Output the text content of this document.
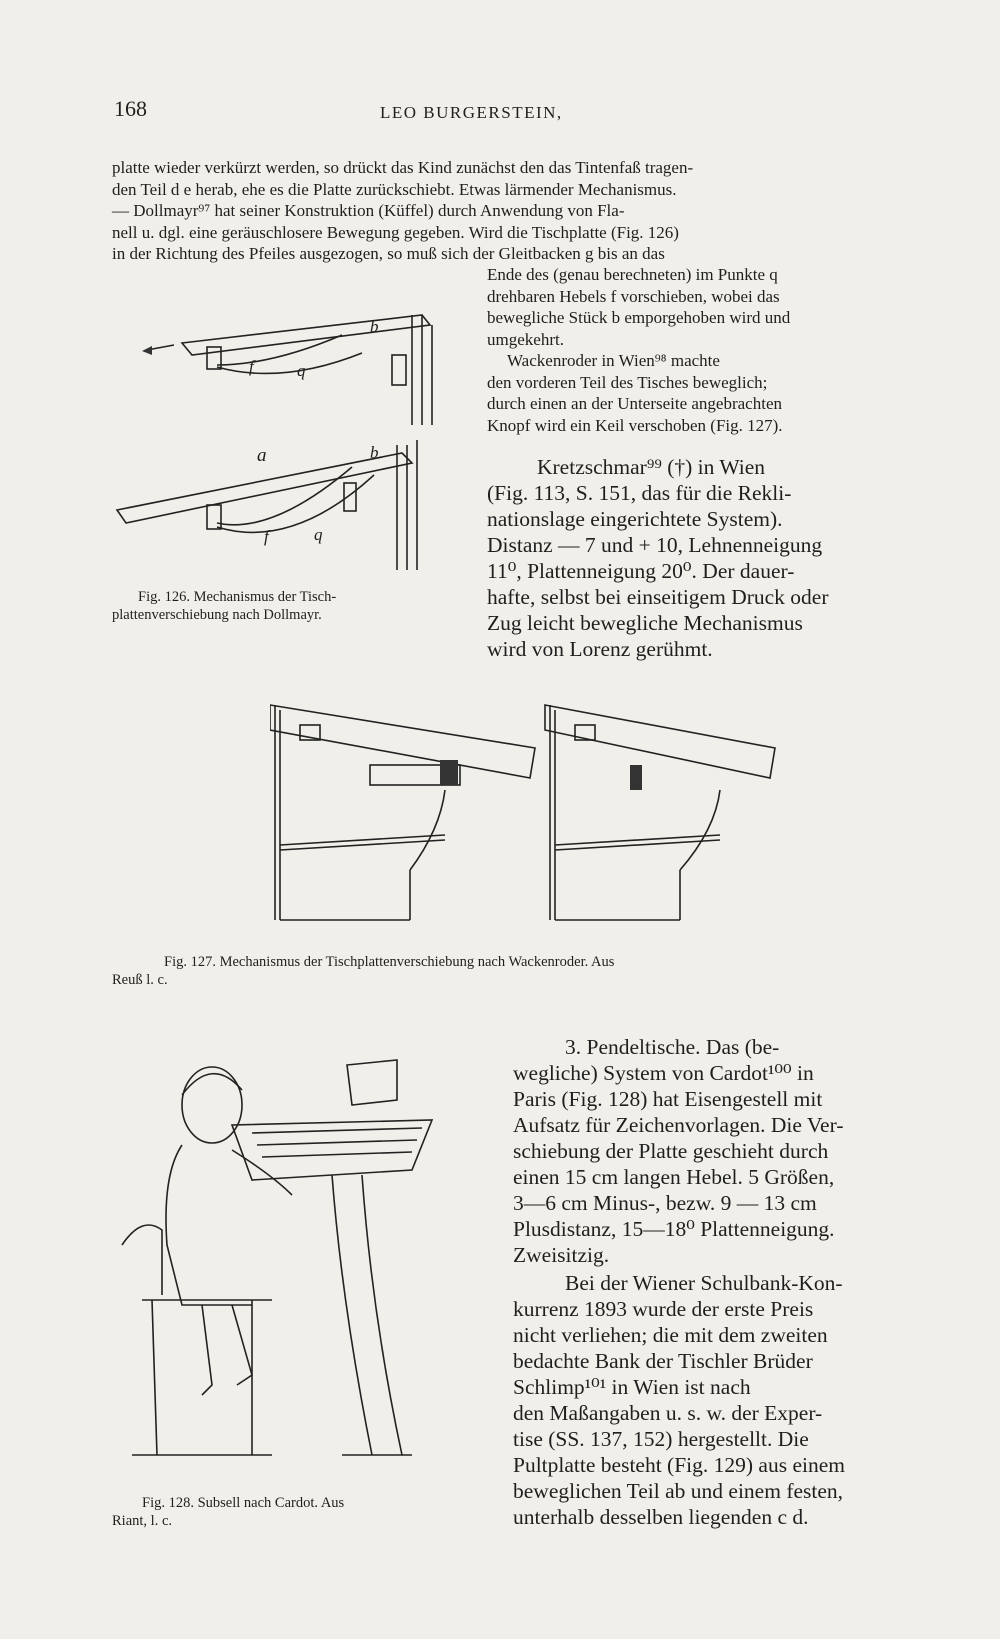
168	LEO BURGERSTEIN,
platte wieder verkürzt werden, so drückt das Kind zunächst den das Tintenfaß tragen-
den Teil d e herab, ehe es die Platte zurückschiebt. Etwas lärmender Mechanismus.
— Dollmayr⁹⁷ hat seiner Konstruktion (Küffel) durch Anwendung von Fla-
nell u. dgl. eine geräuschlosere Bewegung gegeben. Wird die Tischplatte (Fig. 126)
in der Richtung des Pfeiles ausgezogen, so muß sich der Gleitbacken g bis an das
Ende des (genau berechneten) im Punkte q
drehbaren Hebels f vorschieben, wobei das
bewegliche Stück b emporgehoben wird und
umgekehrt.
Wackenroder in Wien⁹⁸ machte
den vorderen Teil des Tisches beweglich;
durch einen an der Unterseite angebrachten
Knopf wird ein Keil verschoben (Fig. 127).
Kretzschmar⁹⁹ (†) in Wien
(Fig. 113, S. 151, das für die Rekli-
nationslage eingerichtete System).
Distanz — 7 und + 10, Lehnenneigung
11⁰, Plattenneigung 20⁰. Der dauer-
hafte, selbst bei einseitigem Druck oder
Zug leicht bewegliche Mechanismus
wird von Lorenz gerühmt.
f	q
b
a	b
f	q
Fig. 126. Mechanismus der Tisch-
plattenverschiebung nach Dollmayr.
Fig. 127. Mechanismus der Tischplattenverschiebung nach Wackenroder. Aus
Reuß l. c.
3. Pendeltische. Das (be-
wegliche) System von Cardot¹⁰⁰ in
Paris (Fig. 128) hat Eisengestell mit
Aufsatz für Zeichenvorlagen. Die Ver-
schiebung der Platte geschieht durch
einen 15 cm langen Hebel. 5 Größen,
3—6 cm Minus-, bezw. 9 — 13 cm
Plusdistanz, 15—18⁰ Plattenneigung.
Zweisitzig.
Bei der Wiener Schulbank-Kon-
kurrenz 1893 wurde der erste Preis
nicht verliehen; die mit dem zweiten
bedachte Bank der Tischler Brüder
Schlimp¹⁰¹ in Wien ist nach
den Maßangaben u. s. w. der Exper-
tise (SS. 137, 152) hergestellt. Die
Pultplatte besteht (Fig. 129) aus einem
beweglichen Teil ab und einem festen,
unterhalb desselben liegenden c d.
Fig. 128. Subsell nach Cardot. Aus
Riant, l. c.
